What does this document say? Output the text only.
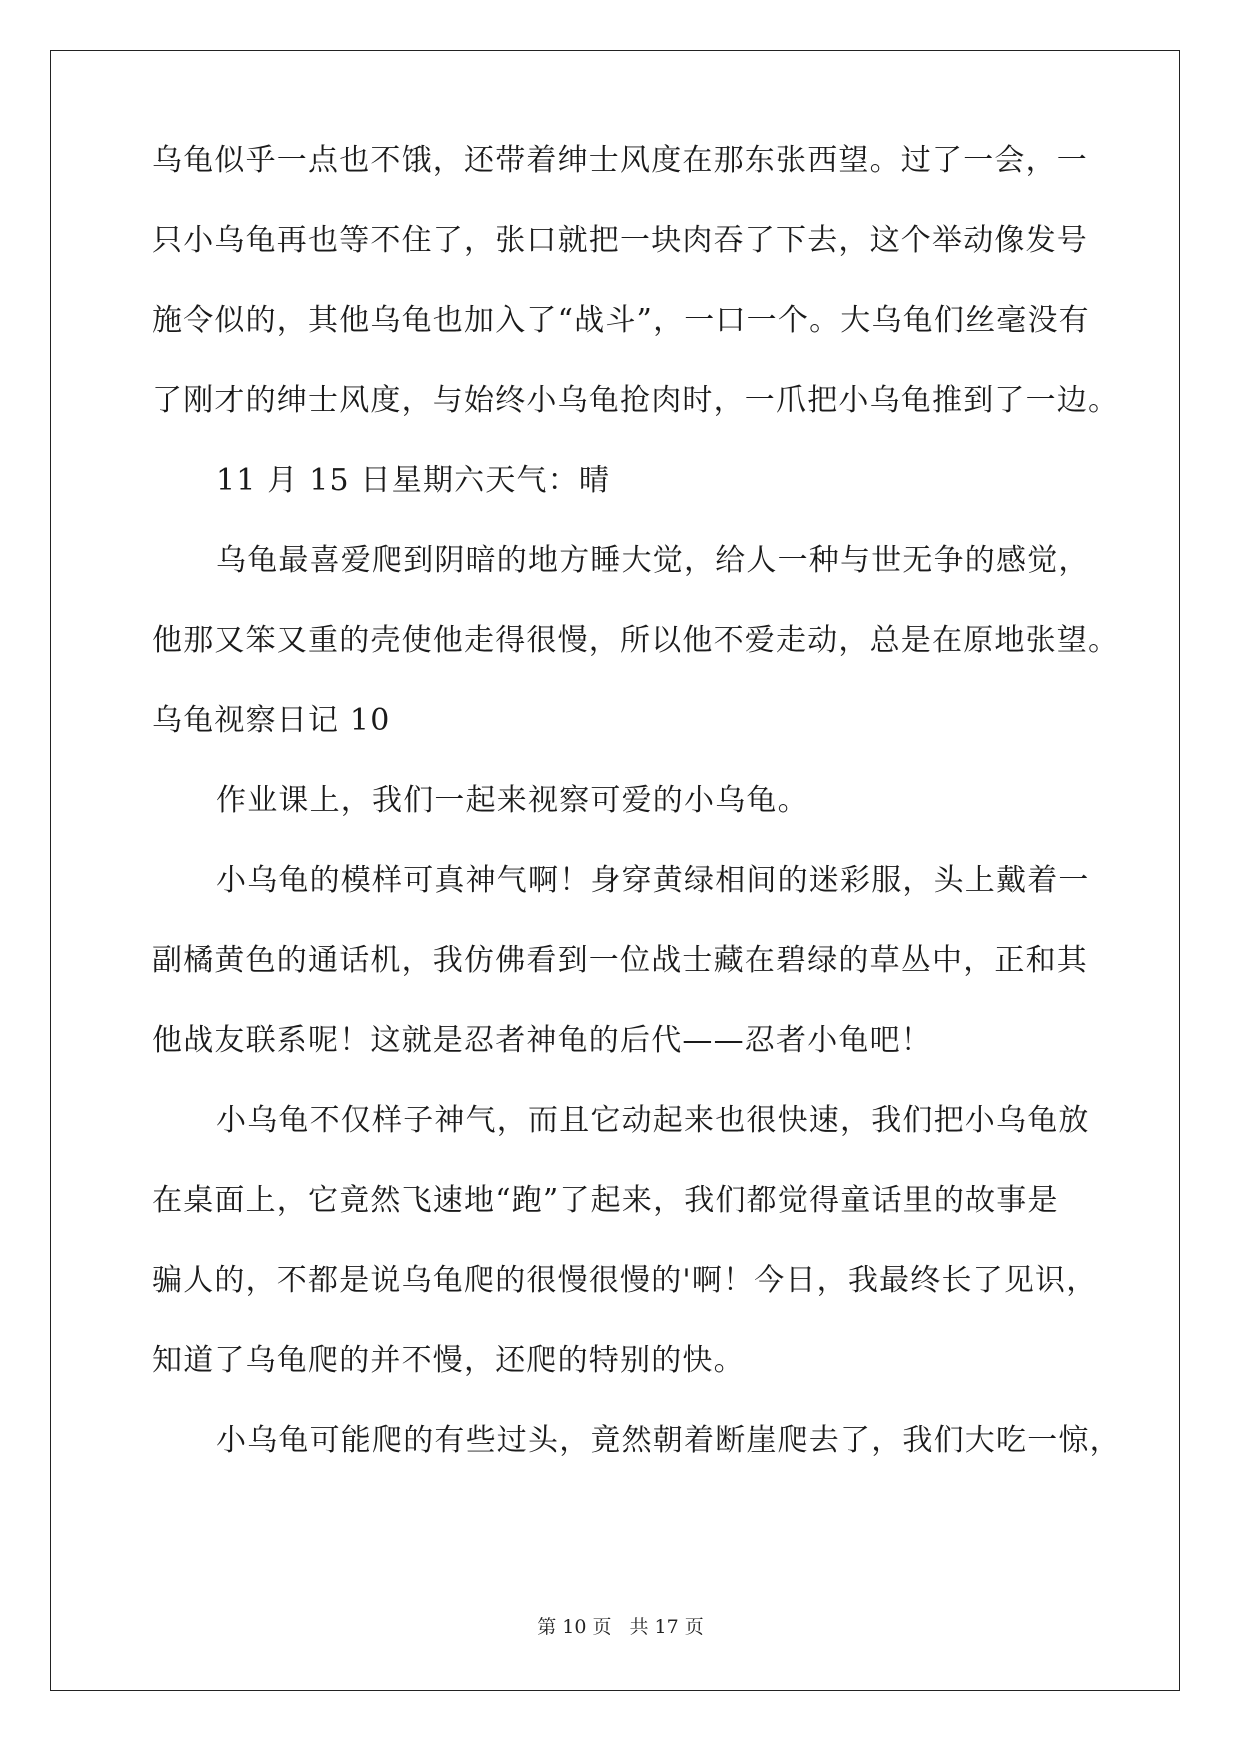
乌龟似乎一点也不饿，还带着绅士风度在那东张西望。过了一会，一
只小乌龟再也等不住了，张口就把一块肉吞了下去，这个举动像发号
施令似的，其他乌龟也加入了“战斗”，一口一个。大乌龟们丝毫没有
了刚才的绅士风度，与始终小乌龟抢肉时，一爪把小乌龟推到了一边。
11 月 15 日星期六天气：晴
乌龟最喜爱爬到阴暗的地方睡大觉，给人一种与世无争的感觉，
他那又笨又重的壳使他走得很慢，所以他不爱走动，总是在原地张望。
乌龟视察日记 10
作业课上，我们一起来视察可爱的小乌龟。
小乌龟的模样可真神气啊！身穿黄绿相间的迷彩服，头上戴着一
副橘黄色的通话机，我仿佛看到一位战士藏在碧绿的草丛中，正和其
他战友联系呢！这就是忍者神龟的后代——忍者小龟吧！
小乌龟不仅样子神气，而且它动起来也很快速，我们把小乌龟放
在桌面上，它竟然飞速地“跑”了起来，我们都觉得童话里的故事是
骗人的，不都是说乌龟爬的很慢很慢的'啊！今日，我最终长了见识，
知道了乌龟爬的并不慢，还爬的特别的快。
小乌龟可能爬的有些过头，竟然朝着断崖爬去了，我们大吃一惊，
第 10 页 共 17 页
